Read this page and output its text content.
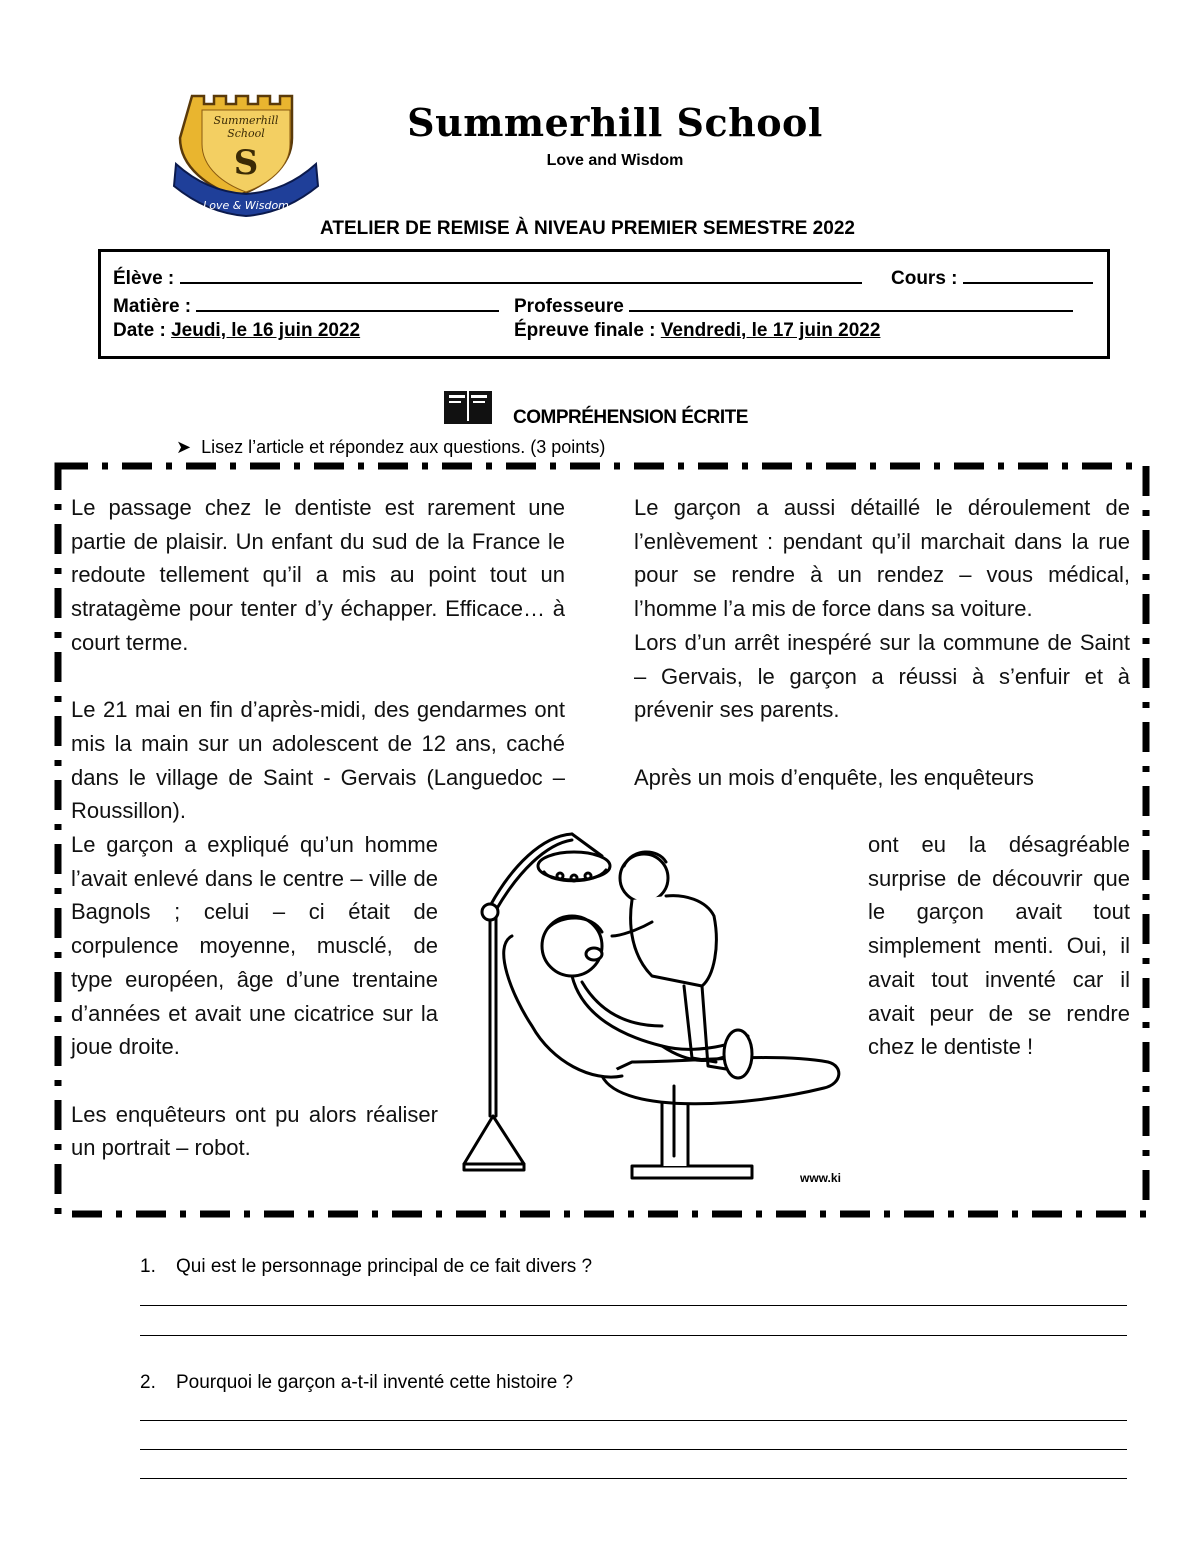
Summerhill
School
S
Love & Wisdom
Summerhill School
Love and Wisdom
ATELIER DE REMISE À NIVEAU PREMIER SEMESTRE 2022
Élève :	Cours :
Matière :	Professeure
Date : Jeudi, le 16 juin 2022	Épreuve finale : Vendredi, le 17 juin 2022
COMPRÉHENSION ÉCRITE
➤  Lisez l’article et répondez aux questions. (3 points)

Le passage chez le dentiste est rarement une partie de plaisir. Un enfant du sud de la France le redoute tellement qu’il a mis au point tout un stratagème pour tenter d’y échapper. Efficace… à court terme.

Le 21 mai en fin d’après-midi, des gendarmes ont mis la main sur un adolescent de 12 ans, caché dans le village de Saint - Gervais (Languedoc – Roussillon).

Le garçon a expliqué qu’un homme l’avait enlevé dans le centre – ville de Bagnols ; celui – ci était de corpulence moyenne, musclé, de type européen, âge d’une trentaine d’années et avait une cicatrice sur la joue droite.

Les enquêteurs ont pu alors réaliser un portrait – robot.

Le garçon a aussi détaillé le déroulement de l’enlèvement : pendant qu’il marchait dans la rue pour se rendre à un rendez – vous médical, l’homme l’a mis de force dans sa voiture.

Lors d’un arrêt inespéré sur la commune de Saint – Gervais, le garçon a réussi à s’enfuir et à prévenir ses parents.

Après un mois d’enquête, les enquêteurs

ont eu la désagréable surprise de découvrir que le garçon avait tout simplement menti. Oui, il avait tout inventé car il avait peur de se rendre chez le dentiste !

www.ki
1. Qui est le personnage principal de ce fait divers ?
2. Pourquoi le garçon a-t-il inventé cette histoire ?
